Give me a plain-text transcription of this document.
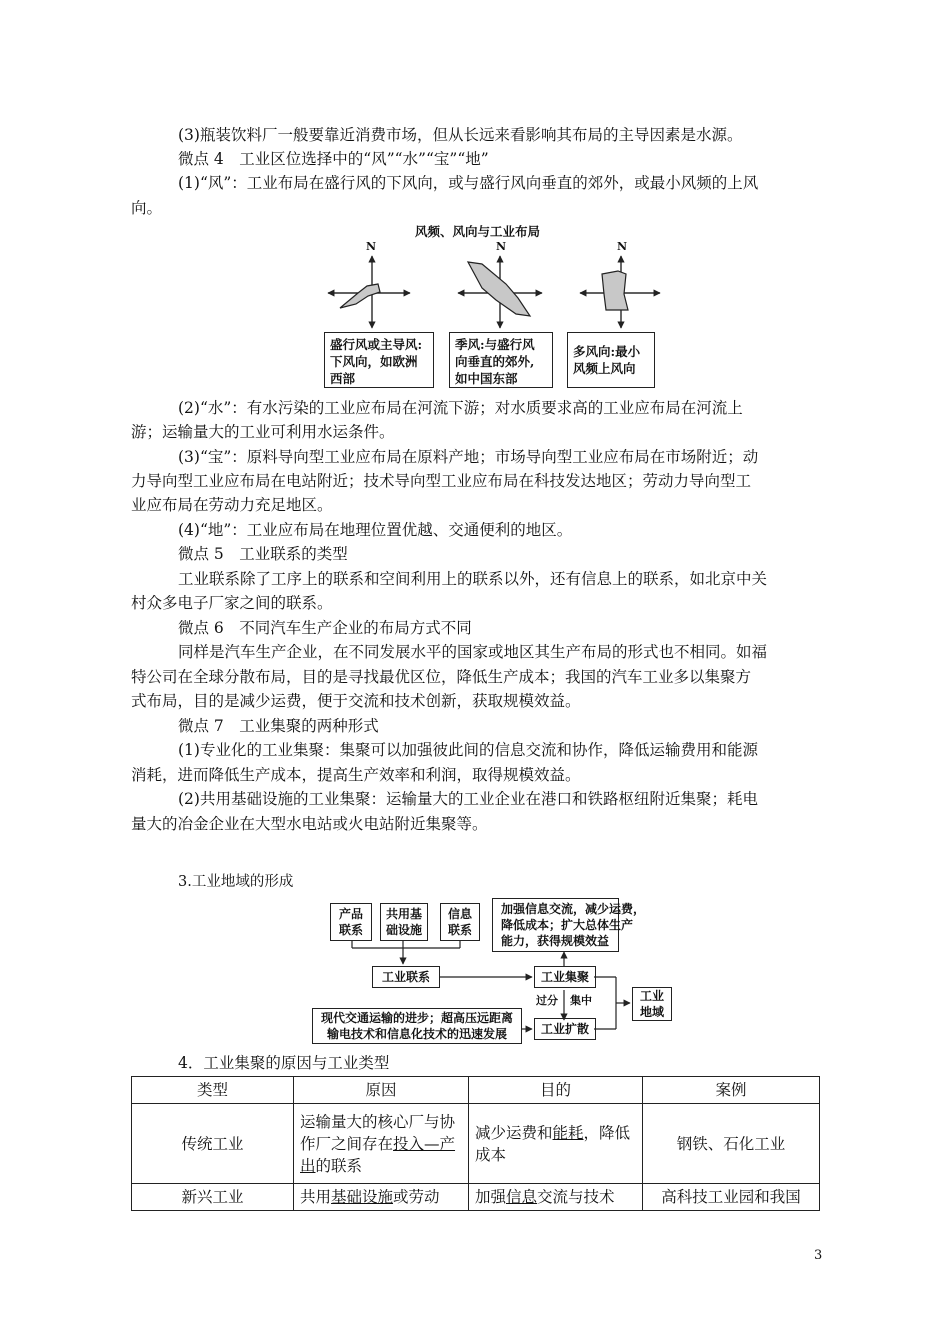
(3)瓶装饮料厂一般要靠近消费市场，但从长远来看影响其布局的主导因素是水源。
微点 4　工业区位选择中的“风”“水”“宝”“地”
(1)“风”：工业布局在盛行风的下风向，或与盛行风向垂直的郊外，或最小风频的上风
向。
风频、风向与工业布局
N	N	N
盛行风或主导风:
下风向，如欧洲
西部
季风:与盛行风
向垂直的郊外,
如中国东部
多风向:最小
风频上风向
(2)“水”：有水污染的工业应布局在河流下游；对水质要求高的工业应布局在河流上
游；运输量大的工业可利用水运条件。
(3)“宝”：原料导向型工业应布局在原料产地；市场导向型工业应布局在市场附近；动
力导向型工业应布局在电站附近；技术导向型工业应布局在科技发达地区；劳动力导向型工
业应布局在劳动力充足地区。
(4)“地”：工业应布局在地理位置优越、交通便利的地区。
微点 5　工业联系的类型
工业联系除了工序上的联系和空间利用上的联系以外，还有信息上的联系，如北京中关
村众多电子厂家之间的联系。
微点 6　不同汽车生产企业的布局方式不同
同样是汽车生产企业，在不同发展水平的国家或地区其生产布局的形式也不相同。如福
特公司在全球分散布局，目的是寻找最优区位，降低生产成本；我国的汽车工业多以集聚方
式布局，目的是减少运费，便于交流和技术创新，获取规模效益。
微点 7　工业集聚的两种形式
(1)专业化的工业集聚：集聚可以加强彼此间的信息交流和协作，降低运输费用和能源
消耗，进而降低生产成本，提高生产效率和利润，取得规模效益。
(2)共用基础设施的工业集聚：运输量大的工业企业在港口和铁路枢纽附近集聚；耗电
量大的冶金企业在大型水电站或火电站附近集聚等。
3.工业地域的形成
产品
联系
共用基
础设施
信息
联系
加强信息交流，减少运费，
降低成本；扩大总体生产
能力，获得规模效益
工业联系	工业集聚
过分 集中	工业
地域
现代交通运输的进步；超高压远距离
输电技术和信息化技术的迅速发展	工业扩散
4．工业集聚的原因与工业类型
类型	原因	目的	案例
传统工业	运输量大的核心厂与协作厂之间存在投入—产出的联系	减少运费和能耗，降低成本	钢铁、石化工业
新兴工业	共用基础设施或劳动	加强信息交流与技术	高科技工业园和我国
3
